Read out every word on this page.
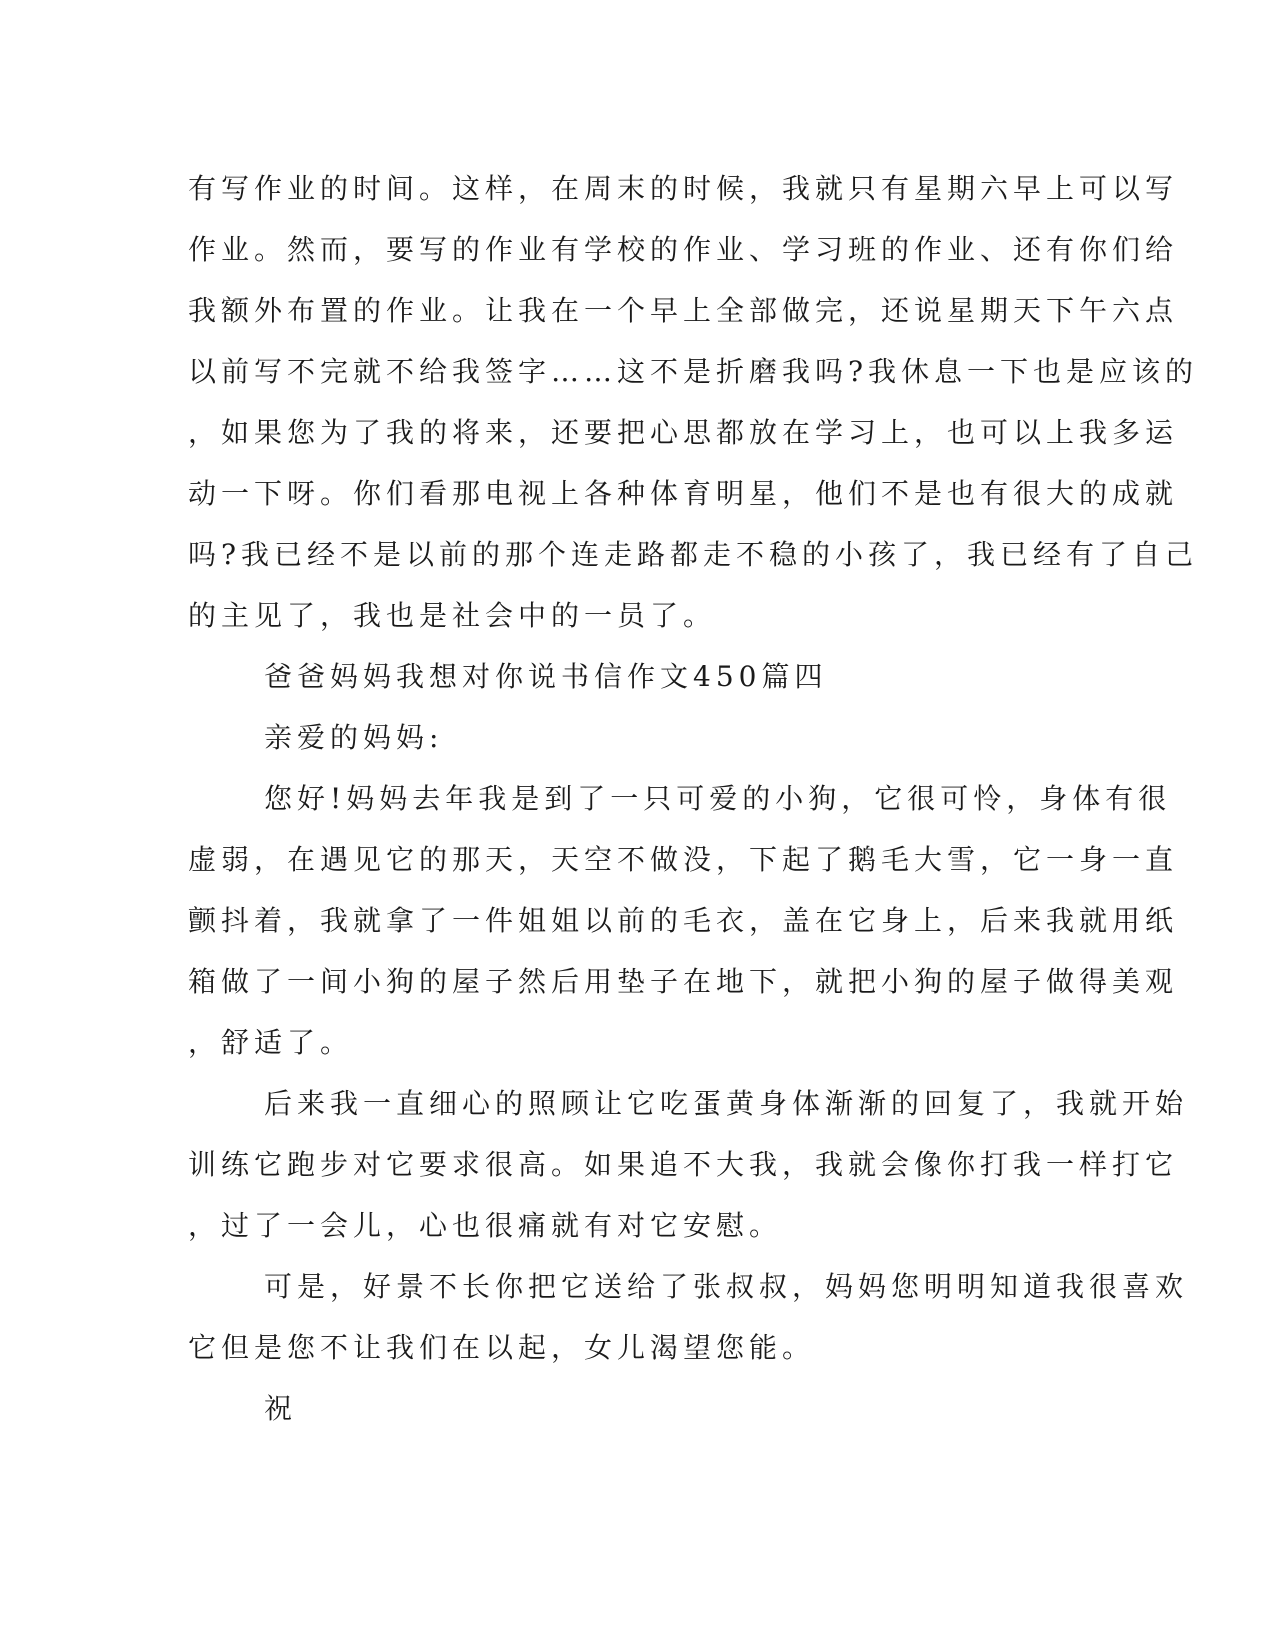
有写作业的时间。这样，在周末的时候，我就只有星期六早上可以写
作业。然而，要写的作业有学校的作业、学习班的作业、还有你们给
我额外布置的作业。让我在一个早上全部做完，还说星期天下午六点
以前写不完就不给我签字……这不是折磨我吗?我休息一下也是应该的
，如果您为了我的将来，还要把心思都放在学习上，也可以上我多运
动一下呀。你们看那电视上各种体育明星，他们不是也有很大的成就
吗?我已经不是以前的那个连走路都走不稳的小孩了，我已经有了自己
的主见了，我也是社会中的一员了。
爸爸妈妈我想对你说书信作文450篇四
亲爱的妈妈:
您好!妈妈去年我是到了一只可爱的小狗，它很可怜，身体有很
虚弱，在遇见它的那天，天空不做没，下起了鹅毛大雪，它一身一直
颤抖着，我就拿了一件姐姐以前的毛衣，盖在它身上，后来我就用纸
箱做了一间小狗的屋子然后用垫子在地下，就把小狗的屋子做得美观
，舒适了。
后来我一直细心的照顾让它吃蛋黄身体渐渐的回复了，我就开始
训练它跑步对它要求很高。如果追不大我，我就会像你打我一样打它
，过了一会儿，心也很痛就有对它安慰。
可是，好景不长你把它送给了张叔叔，妈妈您明明知道我很喜欢
它但是您不让我们在以起，女儿渴望您能。
祝
